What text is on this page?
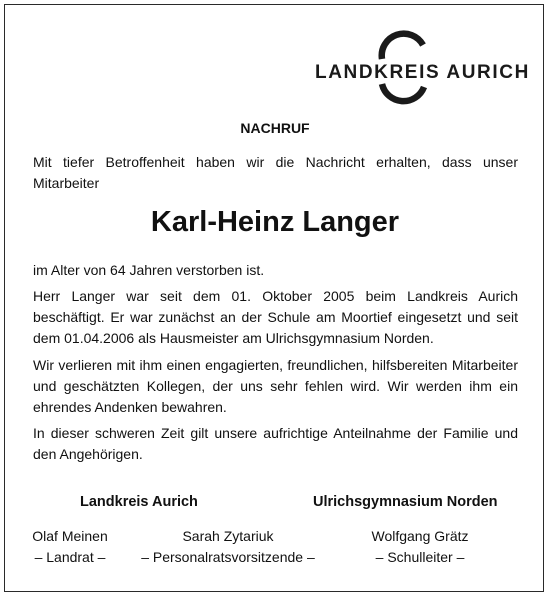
LANDKREIS AURICH
NACHRUF
Mit tiefer Betroffenheit haben wir die Nachricht erhalten, dass unser Mitarbeiter
Karl-Heinz Langer
im Alter von 64 Jahren verstorben ist.
Herr Langer war seit dem 01. Oktober 2005 beim Landkreis Aurich beschäftigt. Er war zunächst an der Schule am Moortief eingesetzt und seit dem 01.04.2006 als Hausmeister am Ulrichsgymnasium Norden.
Wir verlieren mit ihm einen engagierten, freundlichen, hilfsbereiten Mitarbeiter und geschätzten Kollegen, der uns sehr fehlen wird. Wir werden ihm ein ehrendes Andenken bewahren.
In dieser schweren Zeit gilt unsere aufrichtige Anteilnahme der Familie und den Angehörigen.
Landkreis Aurich	Ulrichsgymnasium Norden
Olaf Meinen
– Landrat –
Sarah Zytariuk
– Personalratsvorsitzende –
Wolfgang Grätz
– Schulleiter –
